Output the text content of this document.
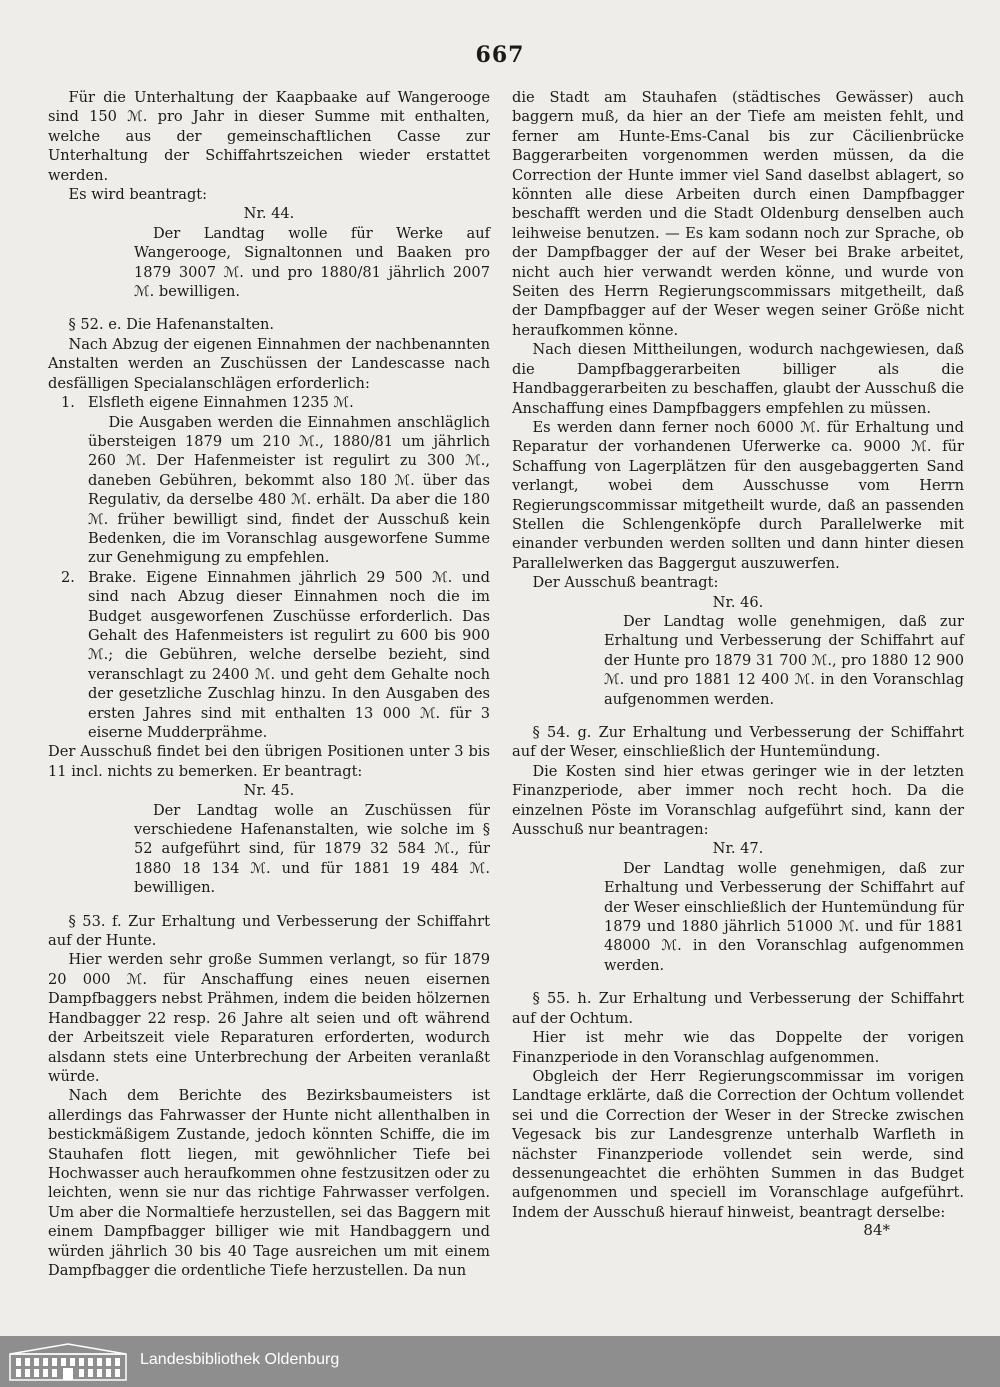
667

Für die Unterhaltung der Kaapbaake auf Wangerooge sind 150 ℳ. pro Jahr in dieser Summe mit enthalten, welche aus der gemeinschaftlichen Casse zur Unterhaltung der Schiffahrtszeichen wieder erstattet werden.

Es wird beantragt:

Nr. 44.

Der Landtag wolle für Werke auf Wangerooge, Signaltonnen und Baaken pro 1879 3007 ℳ. und pro 1880/81 jährlich 2007 ℳ. bewilligen.

§ 52. e. Die Hafenanstalten.

Nach Abzug der eigenen Einnahmen der nachbenannten Anstalten werden an Zuschüssen der Landescasse nach desfälligen Specialanschlägen erforderlich:

1. Elsfleth eigene Einnahmen 1235 ℳ.

Die Ausgaben werden die Einnahmen anschläglich übersteigen 1879 um 210 ℳ., 1880/81 um jährlich 260 ℳ. Der Hafenmeister ist regulirt zu 300 ℳ., daneben Gebühren, bekommt also 180 ℳ. über das Regulativ, da derselbe 480 ℳ. erhält. Da aber die 180 ℳ. früher bewilligt sind, findet der Ausschuß kein Bedenken, die im Voranschlag ausgeworfene Summe zur Genehmigung zu empfehlen.

2. Brake. Eigene Einnahmen jährlich 29 500 ℳ. und sind nach Abzug dieser Einnahmen noch die im Budget ausgeworfenen Zuschüsse erforderlich. Das Gehalt des Hafenmeisters ist regulirt zu 600 bis 900 ℳ.; die Gebühren, welche derselbe bezieht, sind veranschlagt zu 2400 ℳ. und geht dem Gehalte noch der gesetzliche Zuschlag hinzu. In den Ausgaben des ersten Jahres sind mit enthalten 13 000 ℳ. für 3 eiserne Mudderprähme.

Der Ausschuß findet bei den übrigen Positionen unter 3 bis 11 incl. nichts zu bemerken. Er beantragt:

Nr. 45.

Der Landtag wolle an Zuschüssen für verschiedene Hafenanstalten, wie solche im § 52 aufgeführt sind, für 1879 32 584 ℳ., für 1880 18 134 ℳ. und für 1881 19 484 ℳ. bewilligen.

§ 53. f. Zur Erhaltung und Verbesserung der Schiffahrt auf der Hunte.

Hier werden sehr große Summen verlangt, so für 1879 20 000 ℳ. für Anschaffung eines neuen eisernen Dampfbaggers nebst Prähmen, indem die beiden hölzernen Handbagger 22 resp. 26 Jahre alt seien und oft während der Arbeitszeit viele Reparaturen erforderten, wodurch alsdann stets eine Unterbrechung der Arbeiten veranlaßt würde.

Nach dem Berichte des Bezirksbaumeisters ist allerdings das Fahrwasser der Hunte nicht allenthalben in bestickmäßigem Zustande, jedoch könnten Schiffe, die im Stauhafen flott liegen, mit gewöhnlicher Tiefe bei Hochwasser auch heraufkommen ohne festzusitzen oder zu leichten, wenn sie nur das richtige Fahrwasser verfolgen. Um aber die Normaltiefe herzustellen, sei das Baggern mit einem Dampfbagger billiger wie mit Handbaggern und würden jährlich 30 bis 40 Tage ausreichen um mit einem Dampfbagger die ordentliche Tiefe herzustellen. Da nun

die Stadt am Stauhafen (städtisches Gewässer) auch baggern muß, da hier an der Tiefe am meisten fehlt, und ferner am Hunte-Ems-Canal bis zur Cäcilienbrücke Baggerarbeiten vorgenommen werden müssen, da die Correction der Hunte immer viel Sand daselbst ablagert, so könnten alle diese Arbeiten durch einen Dampfbagger beschafft werden und die Stadt Oldenburg denselben auch leihweise benutzen. — Es kam sodann noch zur Sprache, ob der Dampfbagger der auf der Weser bei Brake arbeitet, nicht auch hier verwandt werden könne, und wurde von Seiten des Herrn Regierungscommissars mitgetheilt, daß der Dampfbagger auf der Weser wegen seiner Größe nicht heraufkommen könne.

Nach diesen Mittheilungen, wodurch nachgewiesen, daß die Dampfbaggerarbeiten billiger als die Handbaggerarbeiten zu beschaffen, glaubt der Ausschuß die Anschaffung eines Dampfbaggers empfehlen zu müssen.

Es werden dann ferner noch 6000 ℳ. für Erhaltung und Reparatur der vorhandenen Uferwerke ca. 9000 ℳ. für Schaffung von Lagerplätzen für den ausgebaggerten Sand verlangt, wobei dem Ausschusse vom Herrn Regierungscommissar mitgetheilt wurde, daß an passenden Stellen die Schlengenköpfe durch Parallelwerke mit einander verbunden werden sollten und dann hinter diesen Parallelwerken das Baggergut auszuwerfen.

Der Ausschuß beantragt:

Nr. 46.

Der Landtag wolle genehmigen, daß zur Erhaltung und Verbesserung der Schiffahrt auf der Hunte pro 1879 31 700 ℳ., pro 1880 12 900 ℳ. und pro 1881 12 400 ℳ. in den Voranschlag aufgenommen werden.

§ 54. g. Zur Erhaltung und Verbesserung der Schiffahrt auf der Weser, einschließlich der Huntemündung.

Die Kosten sind hier etwas geringer wie in der letzten Finanzperiode, aber immer noch recht hoch. Da die einzelnen Pöste im Voranschlag aufgeführt sind, kann der Ausschuß nur beantragen:

Nr. 47.

Der Landtag wolle genehmigen, daß zur Erhaltung und Verbesserung der Schiffahrt auf der Weser einschließlich der Huntemündung für 1879 und 1880 jährlich 51000 ℳ. und für 1881 48000 ℳ. in den Voranschlag aufgenommen werden.

§ 55. h. Zur Erhaltung und Verbesserung der Schiffahrt auf der Ochtum.

Hier ist mehr wie das Doppelte der vorigen Finanzperiode in den Voranschlag aufgenommen.

Obgleich der Herr Regierungscommissar im vorigen Landtage erklärte, daß die Correction der Ochtum vollendet sei und die Correction der Weser in der Strecke zwischen Vegesack bis zur Landesgrenze unterhalb Warfleth in nächster Finanzperiode vollendet sein werde, sind dessenungeachtet die erhöhten Summen in das Budget aufgenommen und speciell im Voranschlage aufgeführt. Indem der Ausschuß hierauf hinweist, beantragt derselbe:

84*
Landesbibliothek Oldenburg
